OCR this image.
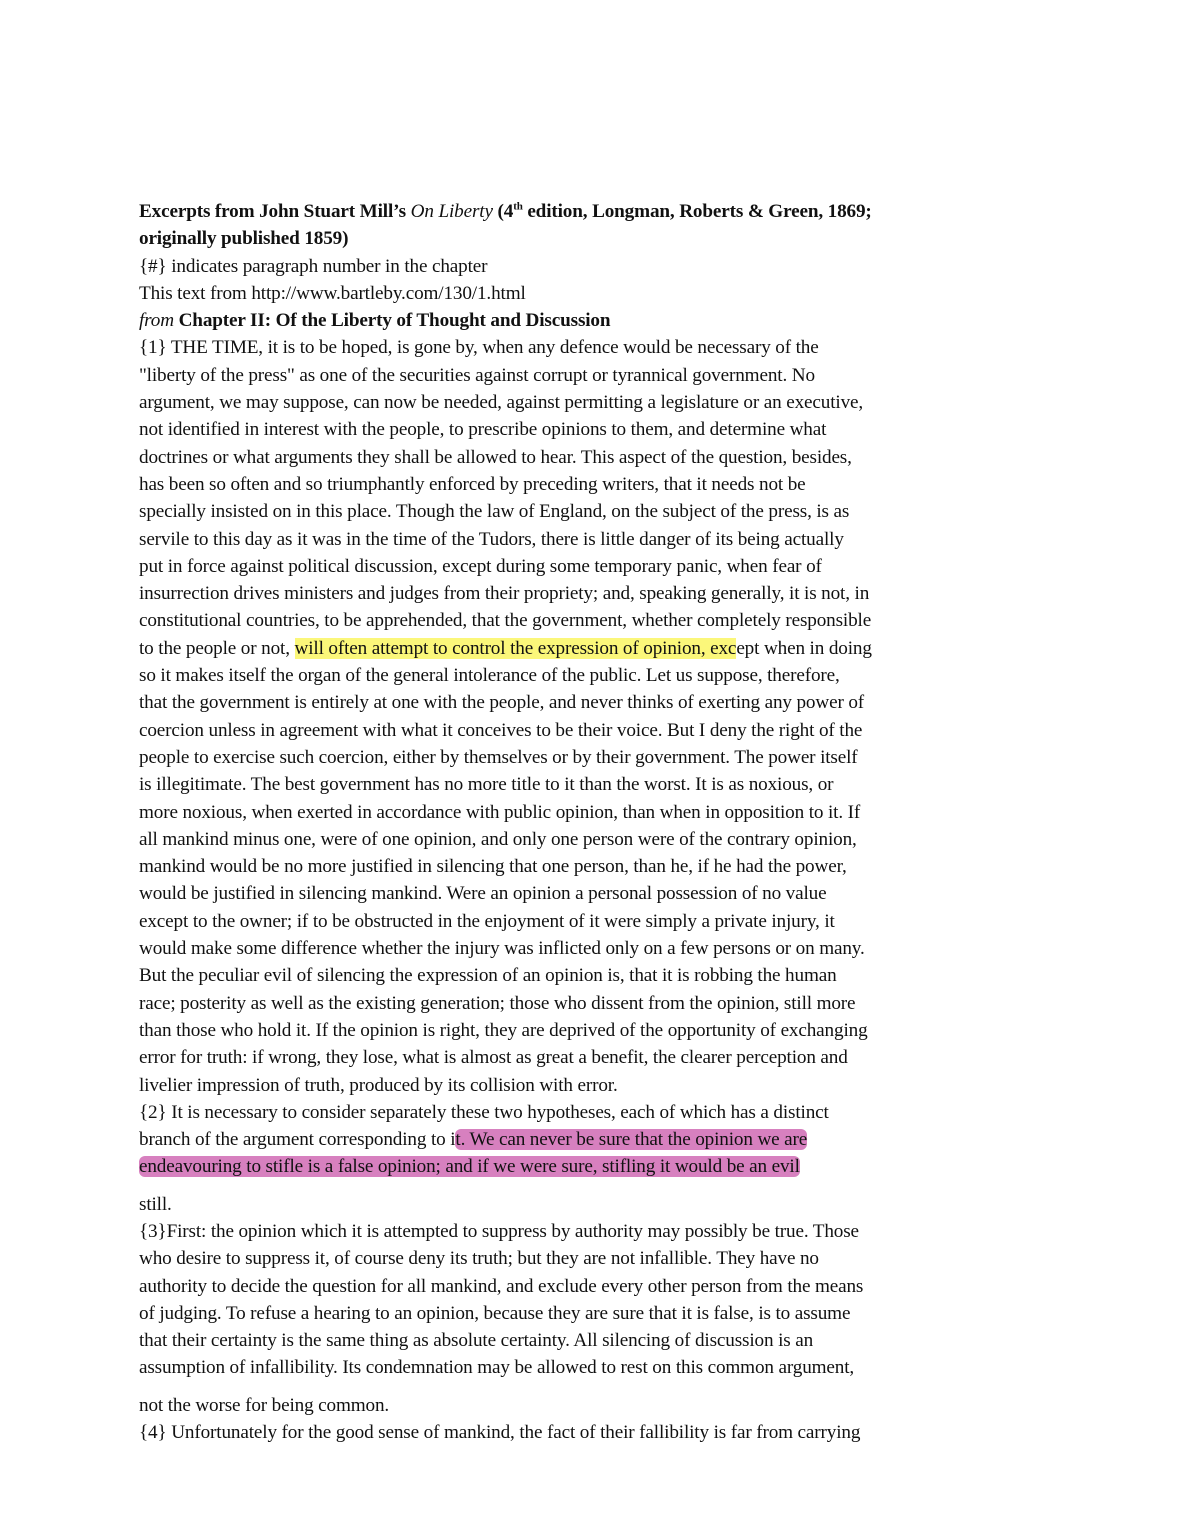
Excerpts from John Stuart Mill’s On Liberty (4th edition, Longman, Roberts & Green, 1869;
originally published 1859)
{#} indicates paragraph number in the chapter
This text from http://www.bartleby.com/130/1.html
from Chapter II: Of the Liberty of Thought and Discussion
{1} THE TIME, it is to be hoped, is gone by, when any defence would be necessary of the
"liberty of the press" as one of the securities against corrupt or tyrannical government. No
argument, we may suppose, can now be needed, against permitting a legislature or an executive,
not identified in interest with the people, to prescribe opinions to them, and determine what
doctrines or what arguments they shall be allowed to hear. This aspect of the question, besides,
has been so often and so triumphantly enforced by preceding writers, that it needs not be
specially insisted on in this place. Though the law of England, on the subject of the press, is as
servile to this day as it was in the time of the Tudors, there is little danger of its being actually
put in force against political discussion, except during some temporary panic, when fear of
insurrection drives ministers and judges from their propriety; and, speaking generally, it is not, in
constitutional countries, to be apprehended, that the government, whether completely responsible
to the people or not, will often attempt to control the expression of opinion, except when in doing
so it makes itself the organ of the general intolerance of the public. Let us suppose, therefore,
that the government is entirely at one with the people, and never thinks of exerting any power of
coercion unless in agreement with what it conceives to be their voice. But I deny the right of the
people to exercise such coercion, either by themselves or by their government. The power itself
is illegitimate. The best government has no more title to it than the worst. It is as noxious, or
more noxious, when exerted in accordance with public opinion, than when in opposition to it. If
all mankind minus one, were of one opinion, and only one person were of the contrary opinion,
mankind would be no more justified in silencing that one person, than he, if he had the power,
would be justified in silencing mankind. Were an opinion a personal possession of no value
except to the owner; if to be obstructed in the enjoyment of it were simply a private injury, it
would make some difference whether the injury was inflicted only on a few persons or on many.
But the peculiar evil of silencing the expression of an opinion is, that it is robbing the human
race; posterity as well as the existing generation; those who dissent from the opinion, still more
than those who hold it. If the opinion is right, they are deprived of the opportunity of exchanging
error for truth: if wrong, they lose, what is almost as great a benefit, the clearer perception and
livelier impression of truth, produced by its collision with error.
{2} It is necessary to consider separately these two hypotheses, each of which has a distinct
branch of the argument corresponding to it. We can never be sure that the opinion we are
endeavouring to stifle is a false opinion; and if we were sure, stifling it would be an evil
still.
{3}First: the opinion which it is attempted to suppress by authority may possibly be true. Those
who desire to suppress it, of course deny its truth; but they are not infallible. They have no
authority to decide the question for all mankind, and exclude every other person from the means
of judging. To refuse a hearing to an opinion, because they are sure that it is false, is to assume
that their certainty is the same thing as absolute certainty. All silencing of discussion is an
assumption of infallibility. Its condemnation may be allowed to rest on this common argument,
not the worse for being common.
{4} Unfortunately for the good sense of mankind, the fact of their fallibility is far from carrying
